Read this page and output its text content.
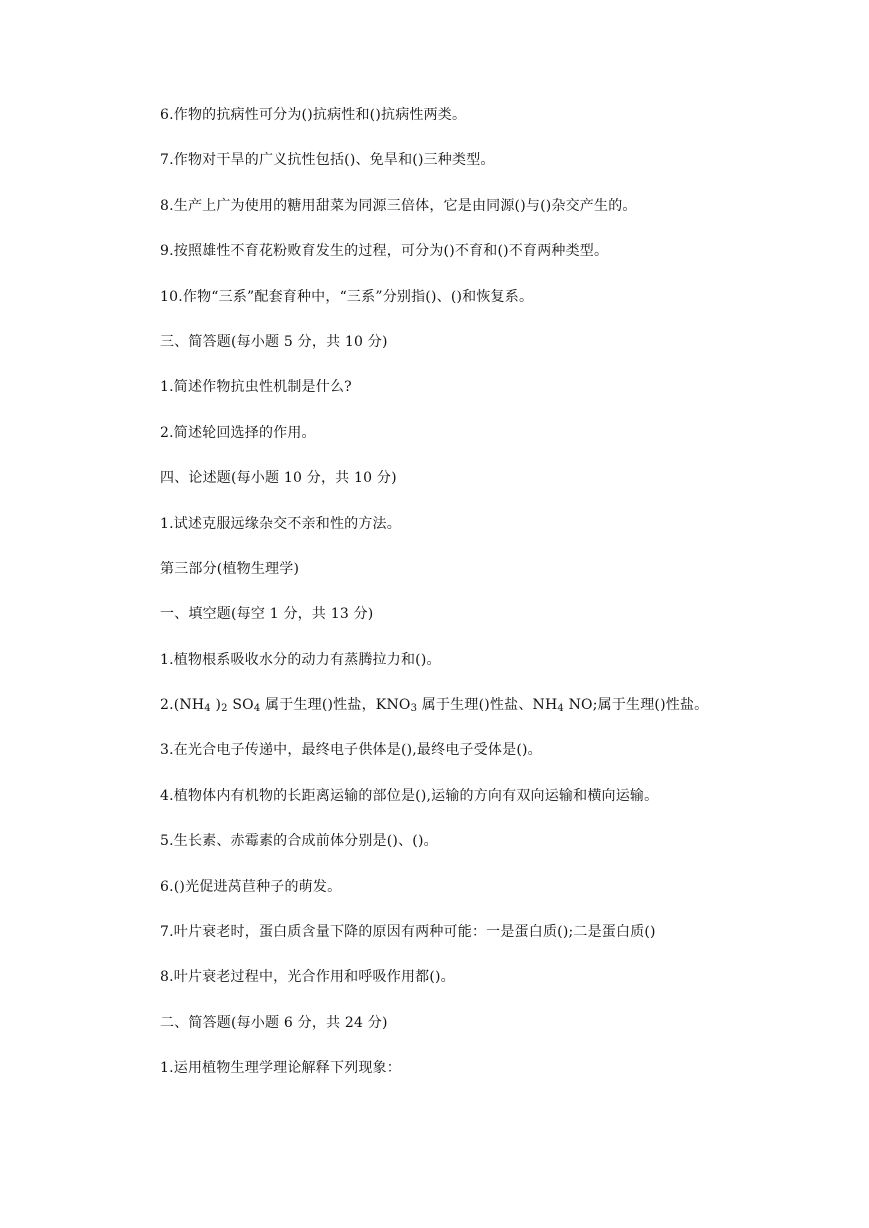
6.作物的抗病性可分为()抗病性和()抗病性两类。
7.作物对干旱的广义抗性包括()、免旱和()三种类型。
8.生产上广为使用的糖用甜菜为同源三倍体，它是由同源()与()杂交产生的。
9.按照雄性不育花粉败育发生的过程，可分为()不育和()不育两种类型。
10.作物“三系”配套育种中，“三系”分别指()、()和恢复系。
三、简答题(每小题 5 分，共 10 分)
1.简述作物抗虫性机制是什么?
2.简述轮回选择的作用。
四、论述题(每小题 10 分，共 10 分)
1.试述克服远缘杂交不亲和性的方法。
第三部分(植物生理学)
一、填空题(每空 1 分，共 13 分)
1.植物根系吸收水分的动力有蒸腾拉力和()。
$2.(NH_4$ )$_2$ $SO_4$ 属于生理()性盐，$KNO_3$ 属于生理()性盐、$NH_4$ NO;属于生理()性盐。
3.在光合电子传递中，最终电子供体是(),最终电子受体是()。
4.植物体内有机物的长距离运输的部位是(),运输的方向有双向运输和横向运输。
5.生长素、赤霉素的合成前体分别是()、()。
6.()光促进莴苣种子的萌发。
7.叶片衰老时，蛋白质含量下降的原因有两种可能：一是蛋白质();二是蛋白质()
8.叶片衰老过程中，光合作用和呼吸作用都()。
二、简答题(每小题 6 分，共 24 分)
1.运用植物生理学理论解释下列现象：
